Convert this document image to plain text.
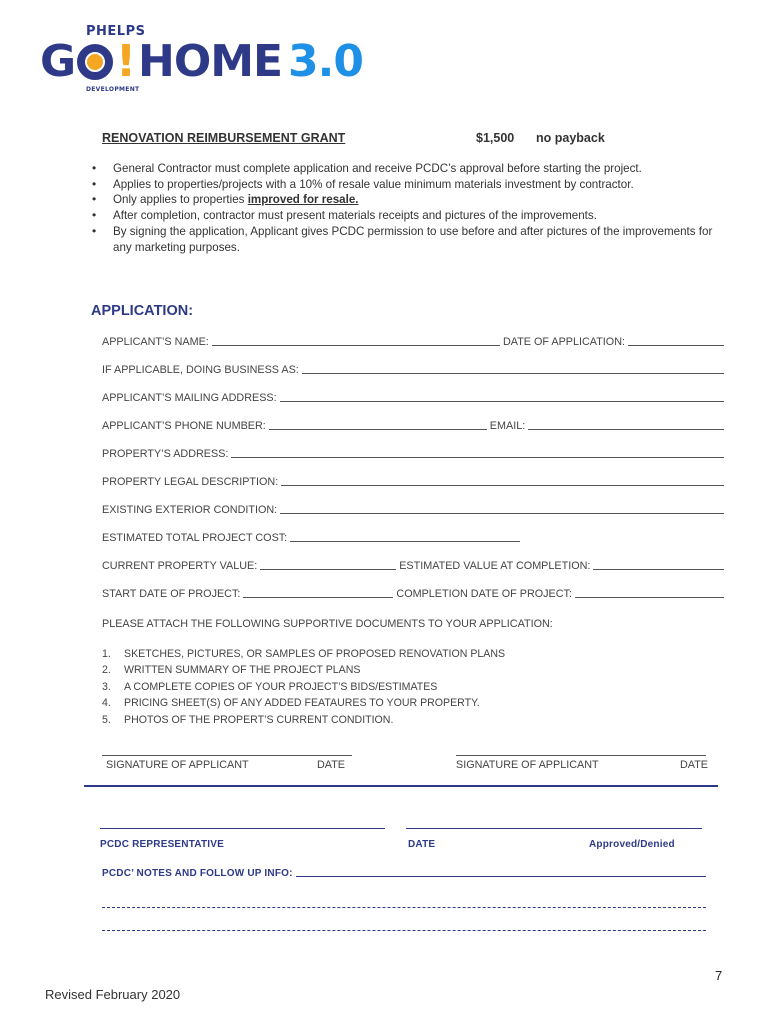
PHELPS
G ! HOME 3.0
DEVELOPMENT
RENOVATION REIMBURSEMENT GRANT	$1,500 no payback
• General Contractor must complete application and receive PCDC’s approval before starting the project.
• Applies to properties/projects with a 10% of resale value minimum materials investment by contractor.
• Only applies to properties improved for resale.
• After completion, contractor must present materials receipts and pictures of the improvements.
• By signing the application, Applicant gives PCDC permission to use before and after pictures of the improvements for any marketing purposes.
APPLICATION:
APPLICANT’S NAME:	DATE OF APPLICATION:
IF APPLICABLE, DOING BUSINESS AS:
APPLICANT’S MAILING ADDRESS:
APPLICANT’S PHONE NUMBER:	EMAIL:
PROPERTY’S ADDRESS:
PROPERTY LEGAL DESCRIPTION:
EXISTING EXTERIOR CONDITION:
ESTIMATED TOTAL PROJECT COST:
CURRENT PROPERTY VALUE:	ESTIMATED VALUE AT COMPLETION:
START DATE OF PROJECT:	COMPLETION DATE OF PROJECT:
PLEASE ATTACH THE FOLLOWING SUPPORTIVE DOCUMENTS TO YOUR APPLICATION:
1. SKETCHES, PICTURES, OR SAMPLES OF PROPOSED RENOVATION PLANS
2. WRITTEN SUMMARY OF THE PROJECT PLANS
3. A COMPLETE COPIES OF YOUR PROJECT’S BIDS/ESTIMATES
4. PRICING SHEET(S) OF ANY ADDED FEATAURES TO YOUR PROPERTY.
5. PHOTOS OF THE PROPERT’S CURRENT CONDITION.
SIGNATURE OF APPLICANT	DATE	SIGNATURE OF APPLICANT	DATE
PCDC REPRESENTATIVE	DATE	Approved/Denied
PCDC’ NOTES AND FOLLOW UP INFO:
7
Revised February 2020
